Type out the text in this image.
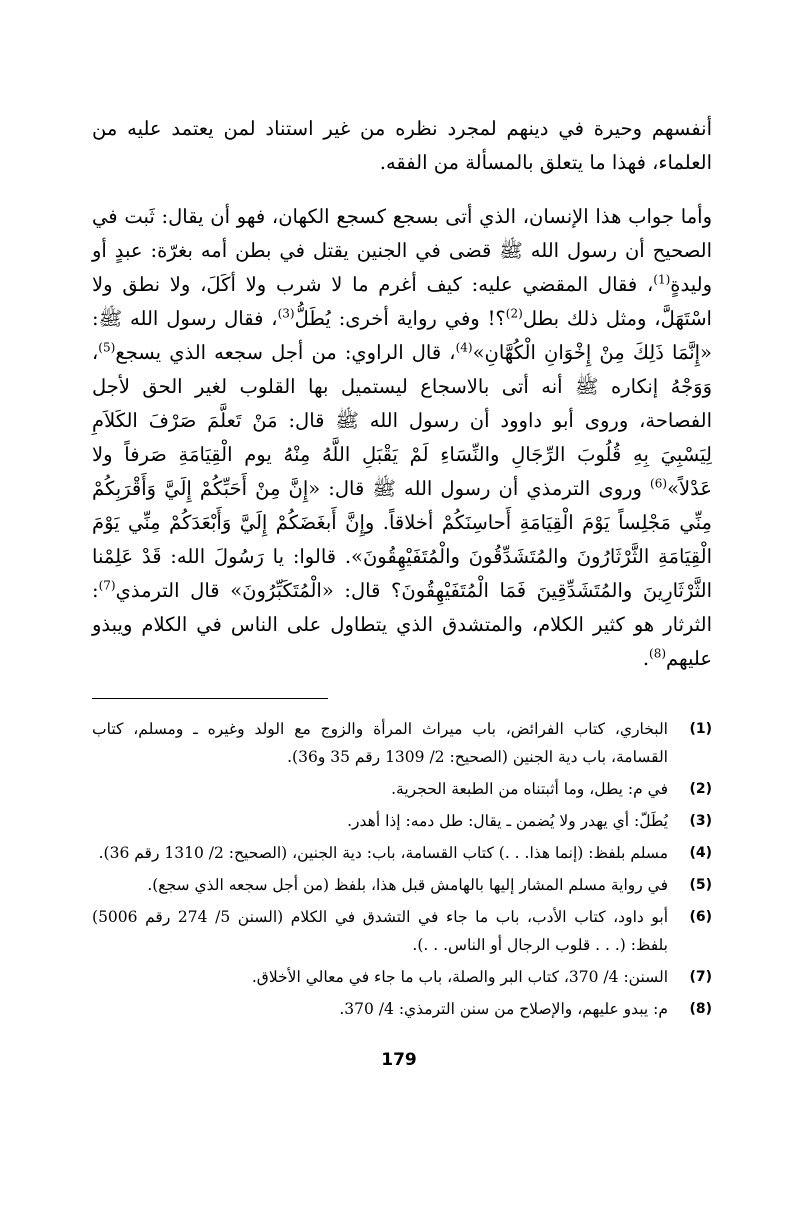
أنفسهم وحيرة في دينهم لمجرد نظره من غير استناد لمن يعتمد عليه من العلماء، فهذا ما يتعلق بالمسألة من الفقه.

وأما جواب هذا الإنسان، الذي أتى بسجع كسجع الكهان، فهو أن يقال: ثَبت في الصحيح أن رسول الله ﷺ قضى في الجنين يقتل في بطن أمه بغرّة: عبدٍ أو وليدةٍ$^{(1)}$، فقال المقضي عليه: كيف أغرم ما لا شرب ولا أكَلَ، ولا نطق ولا اسْتَهَلَّ، ومثل ذلك بطل$^{(2)}$؟! وفي رواية أخرى: يُطَلُّ$^{(3)}$، فقال رسول الله ﷺ: «إِنَّمَا ذَلِكَ مِنْ إِخْوَانِ الْكُهَّانِ»$^{(4)}$، قال الراوي: من أجل سجعه الذي يسجع$^{(5)}$، وَوَجْهُ إنكاره ﷺ أنه أتى بالاسجاع ليستميل بها القلوب لغير الحق لأجل الفصاحة، وروى أبو داوود أن رسول الله ﷺ قال: مَنْ تَعلَّمَ صَرْفَ الكَلاَمِ لِيَسْبِيَ بِهِ قُلُوبَ الرِّجَالِ والنِّسَاءِ لَمْ يَقْبَلِ اللَّهُ مِنْهُ يوم الْقِيَامَةِ صَرفاً ولا عَدْلاً»$^{(6)}$ وروى الترمذي أن رسول الله ﷺ قال: «إِنَّ مِنْ أَحَبِّكُمْ إِلَيَّ وَأَقْرَبِكُمْ مِنِّي مَجْلِساً يَوْمَ الْقِيَامَةِ أَحاسِنَكُمْ أخلاقاً. وإِنَّ أَبغَضَكُمْ إِلَيَّ وَأَبْعَدَكُمْ مِنِّي يَوْمَ الْقِيَامَةِ الثَّرْثَارُونَ والمُتَشَدِّقُونَ والْمُتَفَيْهِقُونَ». قالوا: يا رَسُولَ الله: قَدْ عَلِمْنا الثَّرْثَارِينَ والمُتَشَدِّقِينَ فَمَا الْمُتَفَيْهِقُونَ؟ قال: «الْمُتَكَبِّرُونَ» قال الترمذي$^{(7)}$: الثرثار هو كثير الكلام، والمتشدق الذي يتطاول على الناس في الكلام ويبذو عليهم$^{(8)}$.

(1)
البخاري، كتاب الفرائض، باب ميراث المرأة والزوج مع الولد وغيره ـ ومسلم، كتاب القسامة، باب دية الجنين (الصحيح: 2/ 1309 رقم 35 و36).
(2)
في م: يطل، وما أثبتناه من الطبعة الحجرية.
(3)
يُطَلّ: أي يهدر ولا يُضمن ـ يقال: طل دمه: إذا أهدر.
(4)
مسلم بلفظ: (إنما هذا. . .) كتاب القسامة، باب: دية الجنين، (الصحيح: 2/ 1310 رقم 36).
(5)
في رواية مسلم المشار إليها بالهامش قبل هذا، بلفظ (من أجل سجعه الذي سجع).
(6)
أبو داود، كتاب الأدب، باب ما جاء في التشدق في الكلام (السنن 5/ 274 رقم 5006) بلفظ: (. . . قلوب الرجال أو الناس. . .).
(7)
السنن: 4/ 370، كتاب البر والصلة، باب ما جاء في معالي الأخلاق.
(8)
م: يبدو عليهم، والإصلاح من سنن الترمذي: 4/ 370.
179
